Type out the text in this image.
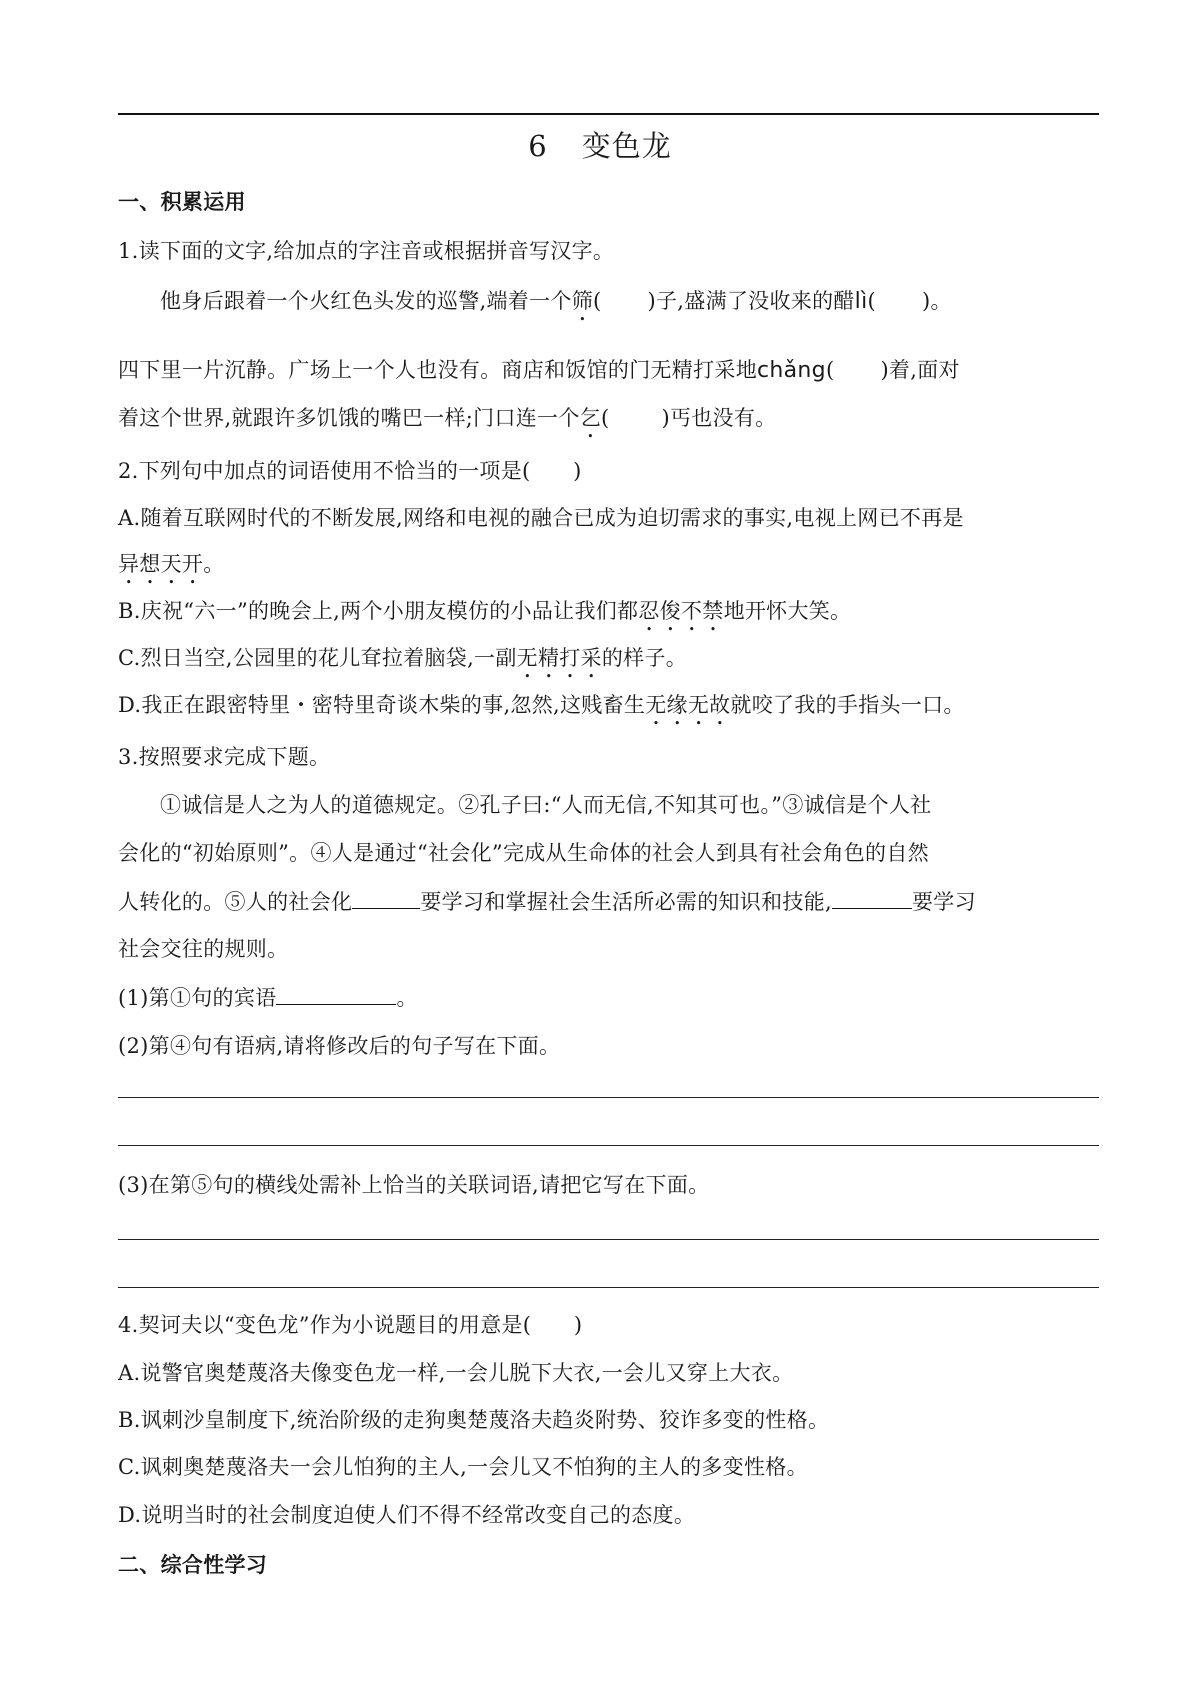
6 变色龙
一、积累运用
1.读下面的文字,给加点的字注音或根据拼音写汉字。
他身后跟着一个火红色头发的巡警,端着一个筛( )子,盛满了没收来的醋lì( )。
四下里一片沉静。广场上一个人也没有。商店和饭馆的门无精打采地chǎng( )着,面对
着这个世界,就跟许多饥饿的嘴巴一样;门口连一个乞( )丐也没有。
2.下列句中加点的词语使用不恰当的一项是(　　)
A.随着互联网时代的不断发展,网络和电视的融合已成为迫切需求的事实,电视上网已不再是
异想天开。
B.庆祝“六一”的晚会上,两个小朋友模仿的小品让我们都忍俊不禁地开怀大笑。
C.烈日当空,公园里的花儿耷拉着脑袋,一副无精打采的样子。
D.我正在跟密特里・密特里奇谈木柴的事,忽然,这贱畜生无缘无故就咬了我的手指头一口。
3.按照要求完成下题。
①诚信是人之为人的道德规定。②孔子曰:“人而无信,不知其可也。”③诚信是个人社
会化的“初始原则”。④人是通过“社会化”完成从生命体的社会人到具有社会角色的自然
人转化的。⑤人的社会化	要学习和掌握社会生活所必需的知识和技能,	要学习
社会交往的规则。
(1)第①句的宾语	。
(2)第④句有语病,请将修改后的句子写在下面。
(3)在第⑤句的横线处需补上恰当的关联词语,请把它写在下面。
4.契诃夫以“变色龙”作为小说题目的用意是(　　)
A.说警官奥楚蔑洛夫像变色龙一样,一会儿脱下大衣,一会儿又穿上大衣。
B.讽刺沙皇制度下,统治阶级的走狗奥楚蔑洛夫趋炎附势、狡诈多变的性格。
C.讽刺奥楚蔑洛夫一会儿怕狗的主人,一会儿又不怕狗的主人的多变性格。
D.说明当时的社会制度迫使人们不得不经常改变自己的态度。
二、综合性学习
